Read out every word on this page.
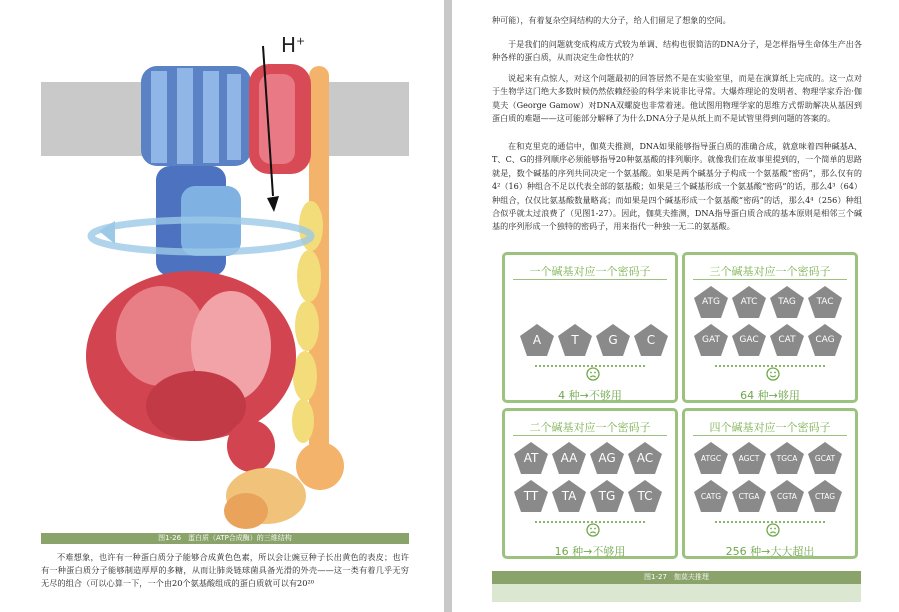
H+
图1-26　蛋白质（ATP合成酶）的三维结构
不难想象，也许有一种蛋白质分子能够合成黄色色素，所以会让豌豆种子长出黄色的表皮；也许有一种蛋白质分子能够制造厚厚的多糖，从而让肺炎链球菌具备光滑的外壳——这一类有着几乎无穷无尽的组合（可以心算一下，一个由20个氨基酸组成的蛋白质就可以有20²⁰
种可能），有着复杂空间结构的大分子，给人们留足了想象的空间。
于是我们的问题就变成构成方式较为单调、结构也很简洁的DNA分子，是怎样指导生命体生产出各种各样的蛋白质，从而决定生命性状的？
说起来有点惊人，对这个问题最初的回答居然不是在实验室里，而是在演算纸上完成的。这一点对于生物学这门绝大多数时候仍然依赖经验的科学来说非比寻常。大爆炸理论的发明者、物理学家乔治·伽莫夫（George Gamow）对DNA双螺旋也非常着迷。他试图用物理学家的思维方式帮助解决从基因到蛋白质的难题——这可能部分解释了为什么DNA分子是从纸上而不是试管里得到问题的答案的。
在和克里克的通信中，伽莫夫推测，DNA如果能够指导蛋白质的准确合成，就意味着四种碱基A、T、C、G的排列顺序必须能够指导20种氨基酸的排列顺序。就像我们在故事里提到的，一个简单的思路就是，数个碱基的序列共同决定一个氨基酸。如果是两个碱基分子构成一个氨基酸“密码”，那么仅有的4²（16）种组合不足以代表全部的氨基酸；如果是三个碱基形成一个氨基酸“密码”的话，那么4³（64）种组合，仅仅比氨基酸数量略高；而如果是四个碱基形成一个氨基酸“密码”的话，那么4⁴（256）种组合似乎就太过浪费了（见图1-27）。因此，伽莫夫推测，DNA指导蛋白质合成的基本原则是相邻三个碱基的序列形成一个独特的密码子，用来指代一种独一无二的氨基酸。
一个碱基对应一个密码子
A	T	G	C
4 种→不够用
三个碱基对应一个密码子
ATG	ATC	TAG	TAC
GAT	GAC	CAT	CAG
64 种→够用
二个碱基对应一个密码子
AT	AA	AG	AC
TT	TA	TG	TC
16 种→不够用
四个碱基对应一个密码子
ATGC	AGCT	TGCA	GCAT
CATG	CTGA	CGTA	CTAG
256 种→大大超出
图1-27　伽莫夫推理
